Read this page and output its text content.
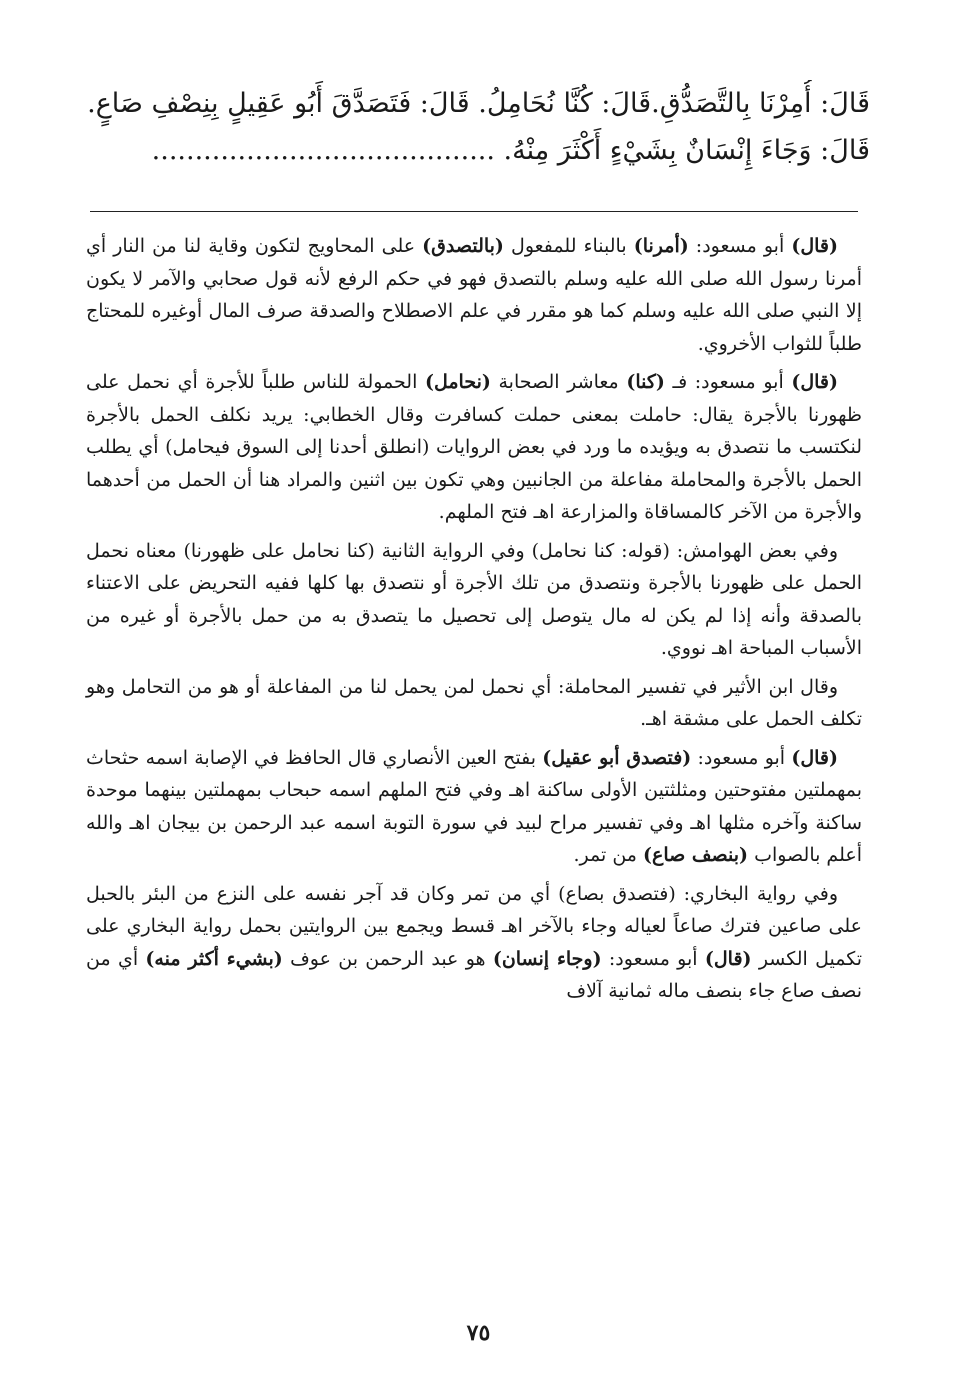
قَالَ: أُمِرْنَا بِالتَّصَدُّقِ.قَالَ: كُنَّا نُحَامِلُ. قَالَ: فَتَصَدَّقَ أَبُو عَقِيلٍ بِنِصْفِ صَاعٍ.
قَالَ: وَجَاءَ إِنْسَانٌ بِشَيْءٍ أَكْثَرَ مِنْهُ. ........................................

(قال) أبو مسعود: (أمرنا) بالبناء للمفعول (بالتصدق) على المحاويج لتكون وقاية لنا من النار أي أمرنا رسول الله صلى الله عليه وسلم بالتصدق فهو في حكم الرفع لأنه قول صحابي والآمر لا يكون إلا النبي صلى الله عليه وسلم كما هو مقرر في علم الاصطلاح والصدقة صرف المال أوغيره للمحتاج طلباً للثواب الأخروي.

(قال) أبو مسعود: فـ (كنا) معاشر الصحابة (نحامل) الحمولة للناس طلباً للأجرة أي نحمل على ظهورنا بالأجرة يقال: حاملت بمعنى حملت كسافرت وقال الخطابي: يريد نكلف الحمل بالأجرة لنكتسب ما نتصدق به ويؤيده ما ورد في بعض الروايات (انطلق أحدنا إلى السوق فيحامل) أي يطلب الحمل بالأجرة والمحاملة مفاعلة من الجانبين وهي تكون بين اثنين والمراد هنا أن الحمل من أحدهما والأجرة من الآخر كالمساقاة والمزارعة اهـ فتح الملهم.

وفي بعض الهوامش: (قوله: كنا نحامل) وفي الرواية الثانية (كنا نحامل على ظهورنا) معناه نحمل الحمل على ظهورنا بالأجرة ونتصدق من تلك الأجرة أو نتصدق بها كلها ففيه التحريض على الاعتناء بالصدقة وأنه إذا لم يكن له مال يتوصل إلى تحصيل ما يتصدق به من حمل بالأجرة أو غيره من الأسباب المباحة اهـ نووي.

وقال ابن الأثير في تفسير المحاملة: أي نحمل لمن يحمل لنا من المفاعلة أو هو من التحامل وهو تكلف الحمل على مشقة اهـ.

(قال) أبو مسعود: (فتصدق أبو عقيل) بفتح العين الأنصاري قال الحافظ في الإصابة اسمه حثحاث بمهملتين مفتوحتين ومثلثتين الأولى ساكنة اهـ وفي فتح الملهم اسمه حبحاب بمهملتين بينهما موحدة ساكنة وآخره مثلها اهـ وفي تفسير مراح لبيد في سورة التوبة اسمه عبد الرحمن بن بيجان اهـ والله أعلم بالصواب (بنصف صاع) من تمر.

وفي رواية البخاري: (فتصدق بصاع) أي من تمر وكان قد آجر نفسه على النزع من البئر بالحبل على صاعين فترك صاعاً لعياله وجاء بالآخر اهـ قسط ويجمع بين الروايتين بحمل رواية البخاري على تكميل الكسر (قال) أبو مسعود: (وجاء إنسان) هو عبد الرحمن بن عوف (بشيء أكثر منه) أي من نصف صاع جاء بنصف ماله ثمانية آلاف

٧٥
